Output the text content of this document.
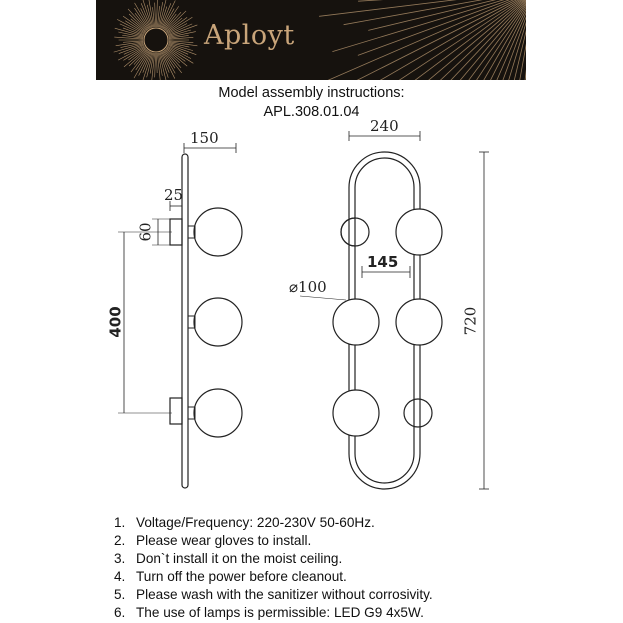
Aployt
Model assembly instructions:
APL.308.01.04
150
25
60
400
240
145
⌀100
720
1. Voltage/Frequency: 220-230V 50-60Hz.
2. Please wear gloves to install.
3. Don`t install it on the moist ceiling.
4. Turn off the power before cleanout.
5. Please wash with the sanitizer without corrosivity.
6. The use of lamps is permissible: LED G9 4x5W.
